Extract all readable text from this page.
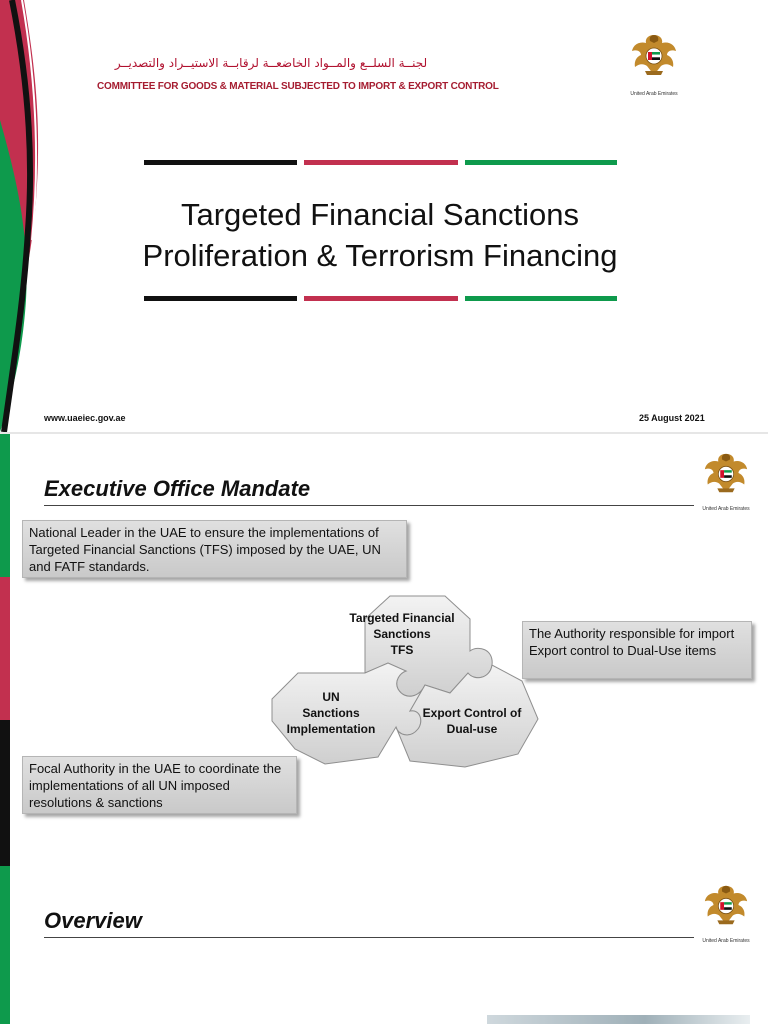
لجنــة السلــع والمــواد الخاضعــة لرقابــة الاستيــراد والتصديــر
COMMITTEE FOR GOODS & MATERIAL SUBJECTED TO IMPORT & EXPORT CONTROL
United Arab Emirates
Targeted Financial Sanctions
Proliferation & Terrorism Financing
www.uaeiec.gov.ae	25 August 2021
Executive Office Mandate
United Arab Emirates
National Leader in the UAE to ensure the implementations of Targeted Financial Sanctions (TFS) imposed by the UAE, UN and FATF standards.
The Authority responsible for import Export control to Dual-Use items
Focal Authority in the UAE to coordinate the implementations of all UN imposed resolutions & sanctions
Targeted Financial
Sanctions
TFS
UN
Sanctions
Implementation
Export Control of
Dual-use
Overview
United Arab Emirates
